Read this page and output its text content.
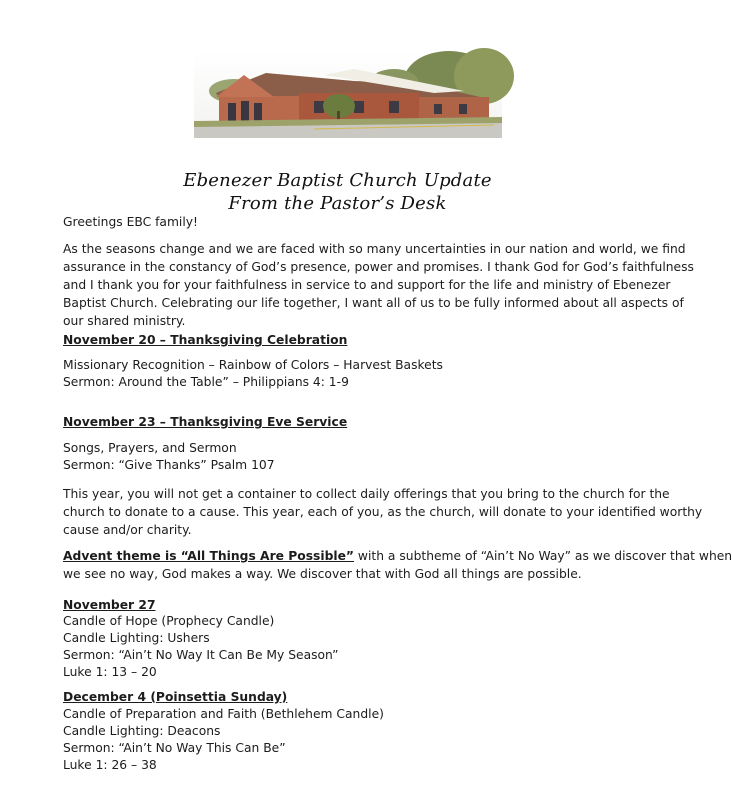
Ebenezer Baptist Church Update
From the Pastor’s Desk
Greetings EBC family!
As the seasons change and we are faced with so many uncertainties in our nation and world, we find
assurance in the constancy of God’s presence, power and promises. I thank God for God’s faithfulness
and I thank you for your faithfulness in service to and support for the life and ministry of Ebenezer
Baptist Church. Celebrating our life together, I want all of us to be fully informed about all aspects of
our shared ministry.
November 20 – Thanksgiving Celebration
Missionary Recognition – Rainbow of Colors – Harvest Baskets
Sermon: Around the Table” – Philippians 4: 1-9
November 23 – Thanksgiving Eve Service
Songs, Prayers, and Sermon
Sermon: “Give Thanks” Psalm 107
This year, you will not get a container to collect daily offerings that you bring to the church for the
church to donate to a cause. This year, each of you, as the church, will donate to your identified worthy
cause and/or charity.
Advent theme is “All Things Are Possible” with a subtheme of “Ain’t No Way” as we discover that when
we see no way, God makes a way. We discover that with God all things are possible.
November 27
Candle of Hope (Prophecy Candle)
Candle Lighting: Ushers
Sermon: “Ain’t No Way It Can Be My Season”
Luke 1: 13 – 20
December 4 (Poinsettia Sunday)
Candle of Preparation and Faith (Bethlehem Candle)
Candle Lighting: Deacons
Sermon: “Ain’t No Way This Can Be”
Luke 1: 26 – 38
